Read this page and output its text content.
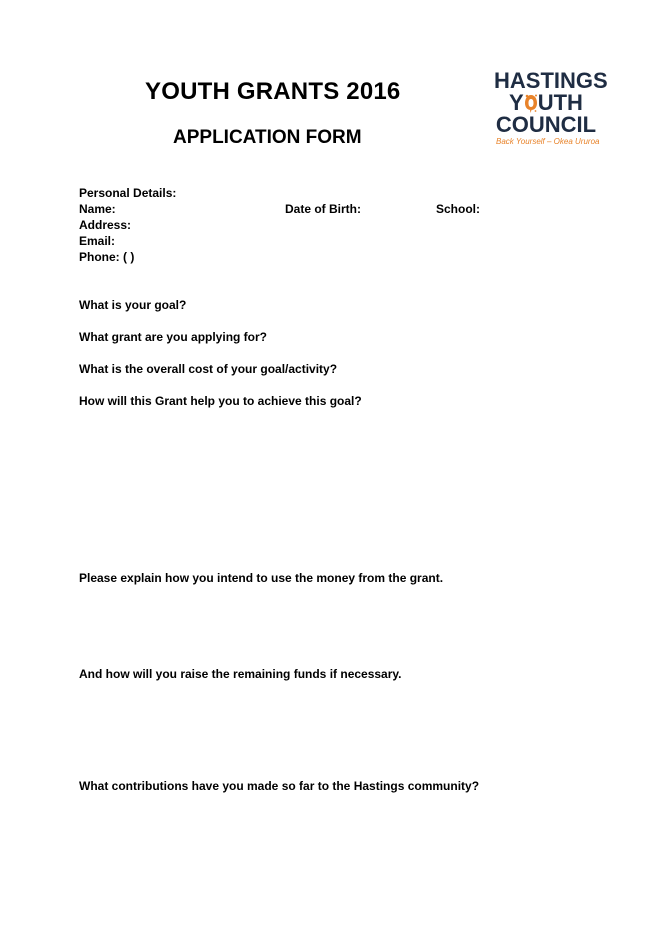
YOUTH GRANTS 2016
APPLICATION FORM
HASTINGS
Y UTH
COUNCIL
Back Yourself – Okea Ururoa
Personal Details:
Name:	Date of Birth:	School:
Address:
Email:
Phone: ( )
What is your goal?
What grant are you applying for?
What is the overall cost of your goal/activity?
How will this Grant help you to achieve this goal?
Please explain how you intend to use the money from the grant.
And how will you raise the remaining funds if necessary.
What contributions have you made so far to the Hastings community?
